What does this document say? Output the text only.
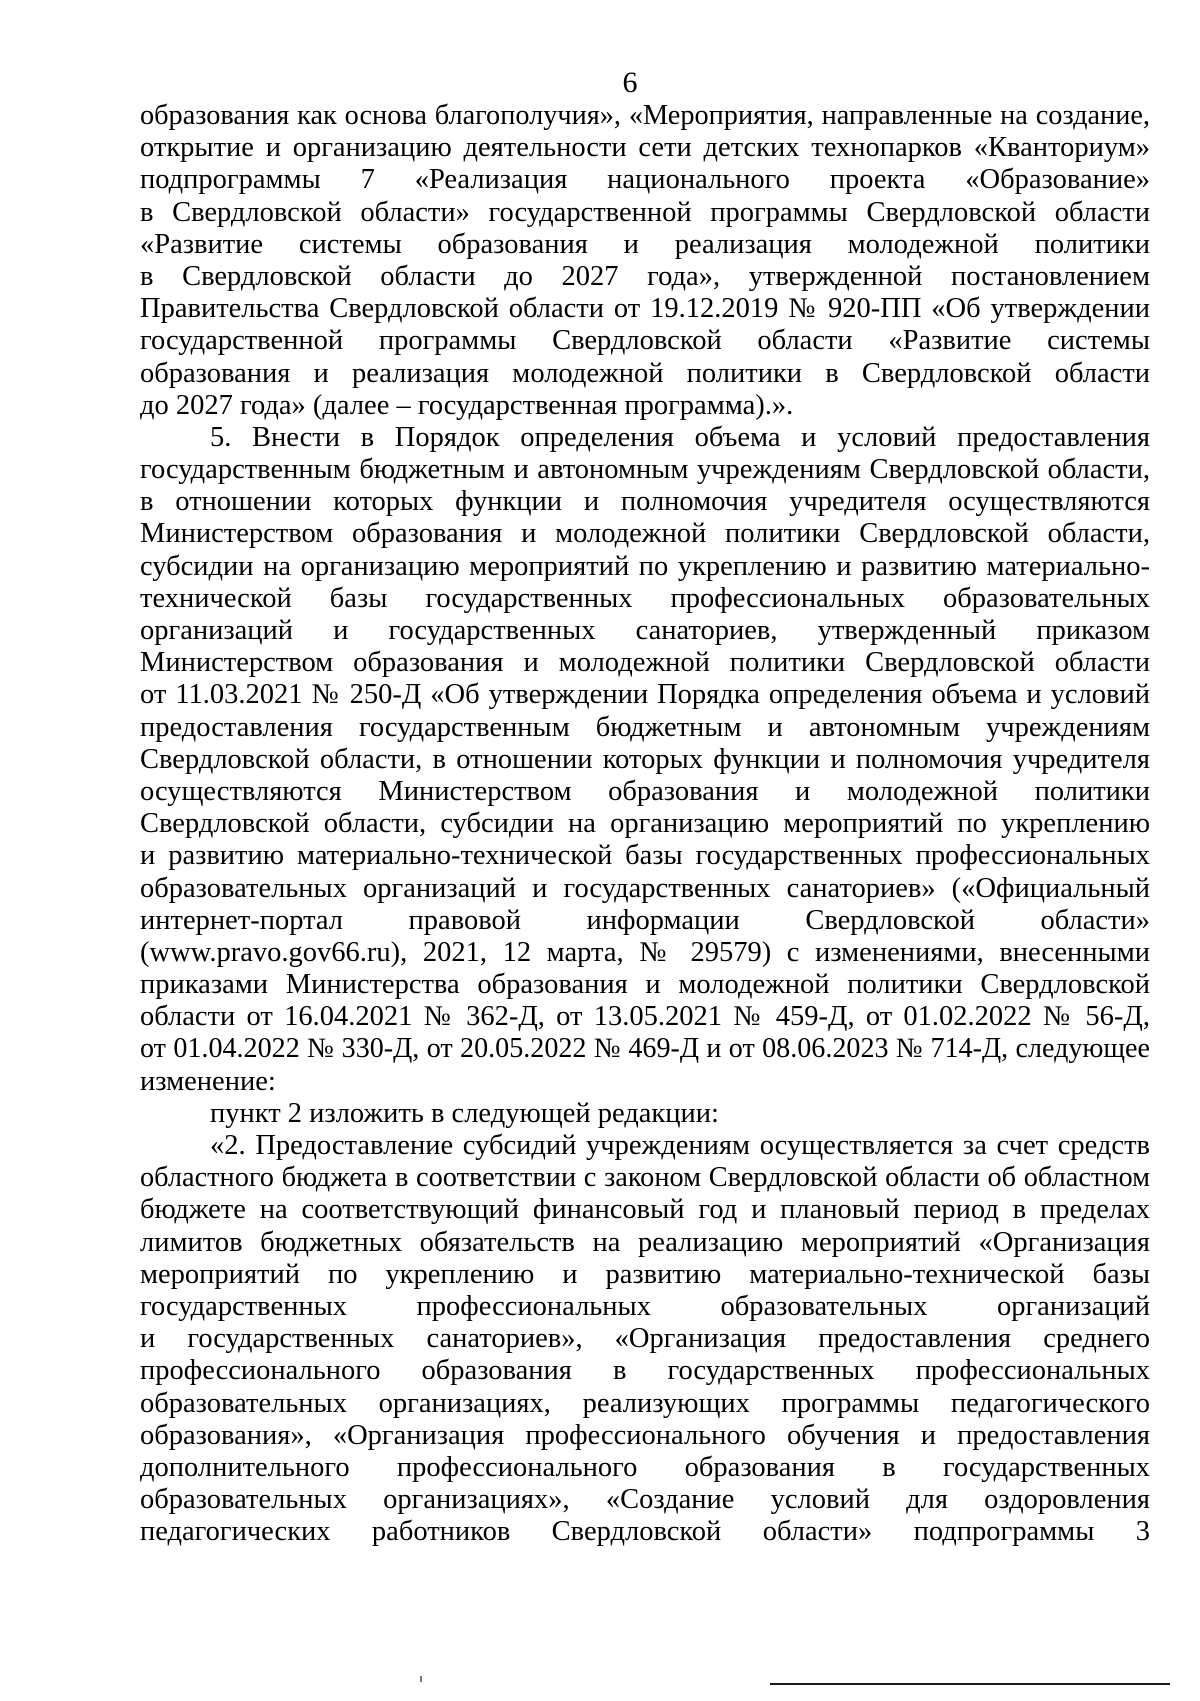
6
образования как основа благополучия», «Мероприятия, направленные на создание,
открытие и организацию деятельности сети детских технопарков «Кванториум»
подпрограммы 7 «Реализация национального проекта «Образование»
в Свердловской области» государственной программы Свердловской области
«Развитие системы образования и реализация молодежной политики
в Свердловской области до 2027 года», утвержденной постановлением
Правительства Свердловской области от 19.12.2019 № 920-ПП «Об утверждении
государственной программы Свердловской области «Развитие системы
образования и реализация молодежной политики в Свердловской области
до 2027 года» (далее – государственная программа).».
5. Внести в Порядок определения объема и условий предоставления
государственным бюджетным и автономным учреждениям Свердловской области,
в отношении которых функции и полномочия учредителя осуществляются
Министерством образования и молодежной политики Свердловской области,
субсидии на организацию мероприятий по укреплению и развитию материально-
технической базы государственных профессиональных образовательных
организаций и государственных санаториев, утвержденный приказом
Министерством образования и молодежной политики Свердловской области
от 11.03.2021 № 250-Д «Об утверждении Порядка определения объема и условий
предоставления государственным бюджетным и автономным учреждениям
Свердловской области, в отношении которых функции и полномочия учредителя
осуществляются Министерством образования и молодежной политики
Свердловской области, субсидии на организацию мероприятий по укреплению
и развитию материально-технической базы государственных профессиональных
образовательных организаций и государственных санаториев» («Официальный
интернет-портал правовой информации Свердловской области»
(www.pravo.gov66.ru), 2021, 12 марта, № 29579) с изменениями, внесенными
приказами Министерства образования и молодежной политики Свердловской
области от 16.04.2021 № 362-Д, от 13.05.2021 № 459-Д, от 01.02.2022 № 56-Д,
от 01.04.2022 № 330-Д, от 20.05.2022 № 469-Д и от 08.06.2023 № 714-Д, следующее
изменение:
пункт 2 изложить в следующей редакции:
«2. Предоставление субсидий учреждениям осуществляется за счет средств
областного бюджета в соответствии с законом Свердловской области об областном
бюджете на соответствующий финансовый год и плановый период в пределах
лимитов бюджетных обязательств на реализацию мероприятий «Организация
мероприятий по укреплению и развитию материально-технической базы
государственных профессиональных образовательных организаций
и государственных санаториев», «Организация предоставления среднего
профессионального образования в государственных профессиональных
образовательных организациях, реализующих программы педагогического
образования», «Организация профессионального обучения и предоставления
дополнительного профессионального образования в государственных
образовательных организациях», «Создание условий для оздоровления
педагогических работников Свердловской области» подпрограммы 3
